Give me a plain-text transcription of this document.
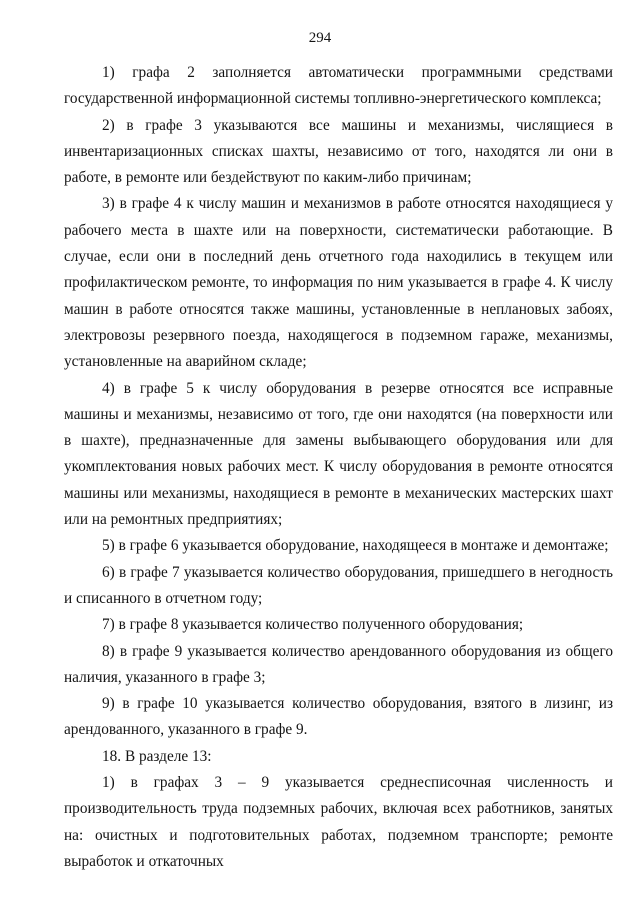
294

1) графа 2 заполняется автоматически программными средствами государственной информационной системы топливно-энергетического комплекса;

2) в графе 3 указываются все машины и механизмы, числящиеся в инвентаризационных списках шахты, независимо от того, находятся ли они в работе, в ремонте или бездействуют по каким-либо причинам;

3) в графе 4 к числу машин и механизмов в работе относятся находящиеся у рабочего места в шахте или на поверхности, систематически работающие. В случае, если они в последний день отчетного года находились в текущем или профилактическом ремонте, то информация по ним указывается в графе 4. К числу машин в работе относятся также машины, установленные в неплановых забоях, электровозы резервного поезда, находящегося в подземном гараже, механизмы, установленные на аварийном складе;

4) в графе 5 к числу оборудования в резерве относятся все исправные машины и механизмы, независимо от того, где они находятся (на поверхности или в шахте), предназначенные для замены выбывающего оборудования или для укомплектования новых рабочих мест. К числу оборудования в ремонте относятся машины или механизмы, находящиеся в ремонте в механических мастерских шахт или на ремонтных предприятиях;

5) в графе 6 указывается оборудование, находящееся в монтаже и демонтаже;

6) в графе 7 указывается количество оборудования, пришедшего в негодность и списанного в отчетном году;

7) в графе 8 указывается количество полученного оборудования;

8) в графе 9 указывается количество арендованного оборудования из общего наличия, указанного в графе 3;

9) в графе 10 указывается количество оборудования, взятого в лизинг, из арендованного, указанного в графе 9.

18. В разделе 13:

1) в графах 3 – 9 указывается среднесписочная численность и производительность труда подземных рабочих, включая всех работников, занятых на: очистных и подготовительных работах, подземном транспорте; ремонте выработок и откаточных
